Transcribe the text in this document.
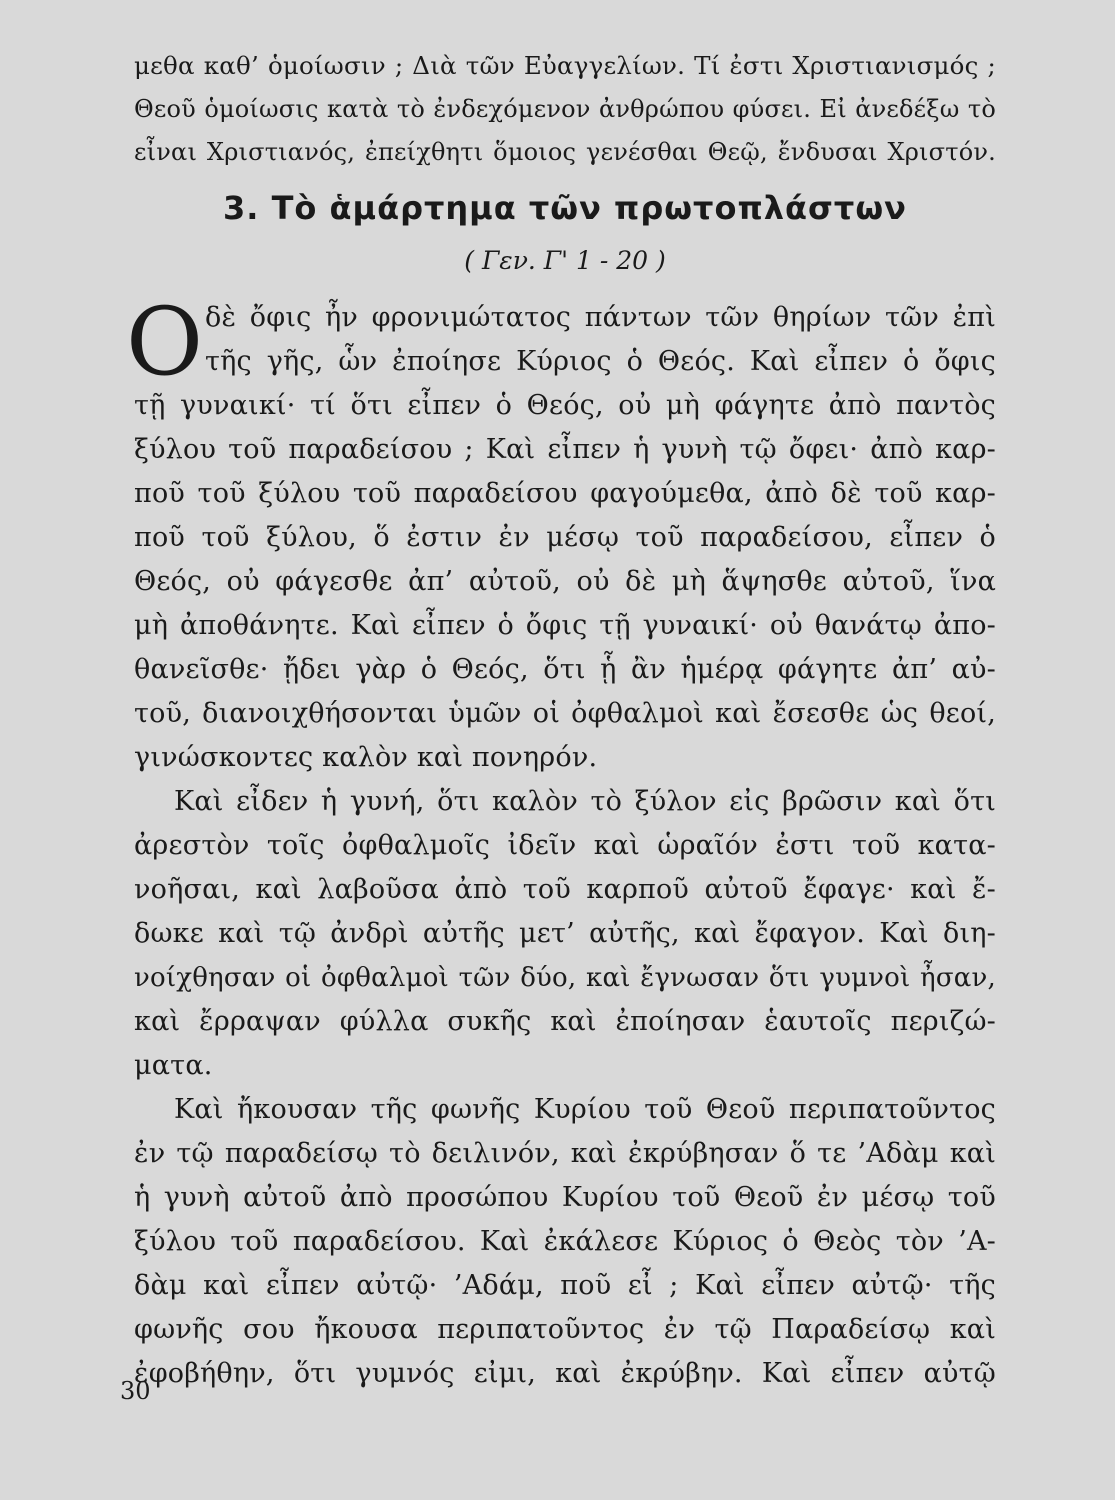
μεθα καθ’ ὁμοίωσιν ; Διὰ τῶν Εὐαγγελίων. Τί ἐστι Χριστιανισμός ;
Θεοῦ ὁμοίωσις κατὰ τὸ ἐνδεχόμενον ἀνθρώπου φύσει. Εἰ ἀνεδέξω τὸ
εἶναι Χριστιανός, ἐπείχθητι ὅμοιος γενέσθαι Θεῷ, ἔνδυσαι Χριστόν.
3. Τὸ ἁμάρτημα τῶν πρωτοπλάστων
( Γεν. Γ' 1 - 20 )
Ο δὲ ὄφις ἦν φρονιμώτατος πάντων τῶν θηρίων τῶν ἐπὶ
τῆς γῆς, ὧν ἐποίησε Κύριος ὁ Θεός. Καὶ εἶπεν ὁ ὄφις
τῇ γυναικί· τί ὅτι εἶπεν ὁ Θεός, οὐ μὴ φάγητε ἀπὸ παντὸς
ξύλου τοῦ παραδείσου ; Καὶ εἶπεν ἡ γυνὴ τῷ ὄφει· ἀπὸ καρ-
ποῦ τοῦ ξύλου τοῦ παραδείσου φαγούμεθα, ἀπὸ δὲ τοῦ καρ-
ποῦ τοῦ ξύλου, ὅ ἐστιν ἐν μέσῳ τοῦ παραδείσου, εἶπεν ὁ
Θεός, οὐ φάγεσθε ἀπ’ αὐτοῦ, οὐ δὲ μὴ ἅψησθε αὐτοῦ, ἵνα
μὴ ἀποθάνητε. Καὶ εἶπεν ὁ ὄφις τῇ γυναικί· οὐ θανάτῳ ἀπο-
θανεῖσθε· ᾔδει γὰρ ὁ Θεός, ὅτι ᾗ ἂν ἡμέρᾳ φάγητε ἀπ’ αὐ-
τοῦ, διανοιχθήσονται ὑμῶν οἱ ὀφθαλμοὶ καὶ ἔσεσθε ὡς θεοί,
γινώσκοντες καλὸν καὶ πονηρόν.
Καὶ εἶδεν ἡ γυνή, ὅτι καλὸν τὸ ξύλον εἰς βρῶσιν καὶ ὅτι
ἀρεστὸν τοῖς ὀφθαλμοῖς ἰδεῖν καὶ ὡραῖόν ἐστι τοῦ κατα-
νοῆσαι, καὶ λαβοῦσα ἀπὸ τοῦ καρποῦ αὐτοῦ ἔφαγε· καὶ ἔ-
δωκε καὶ τῷ ἀνδρὶ αὐτῆς μετ’ αὐτῆς, καὶ ἔφαγον. Καὶ διη-
νοίχθησαν οἱ ὀφθαλμοὶ τῶν δύο, καὶ ἔγνωσαν ὅτι γυμνοὶ ἦσαν,
καὶ ἔρραψαν φύλλα συκῆς καὶ ἐποίησαν ἑαυτοῖς περιζώ-
ματα.
Καὶ ἤκουσαν τῆς φωνῆς Κυρίου τοῦ Θεοῦ περιπατοῦντος
ἐν τῷ παραδείσῳ τὸ δειλινόν, καὶ ἐκρύβησαν ὅ τε ’Αδὰμ καὶ
ἡ γυνὴ αὐτοῦ ἀπὸ προσώπου Κυρίου τοῦ Θεοῦ ἐν μέσῳ τοῦ
ξύλου τοῦ παραδείσου. Καὶ ἐκάλεσε Κύριος ὁ Θεὸς τὸν ’Α-
δὰμ καὶ εἶπεν αὐτῷ· ’Αδάμ, ποῦ εἶ ; Καὶ εἶπεν αὐτῷ· τῆς
φωνῆς σου ἤκουσα περιπατοῦντος ἐν τῷ Παραδείσῳ καὶ
ἐφοβήθην, ὅτι γυμνός εἰμι, καὶ ἐκρύβην. Καὶ εἶπεν αὐτῷ
30
